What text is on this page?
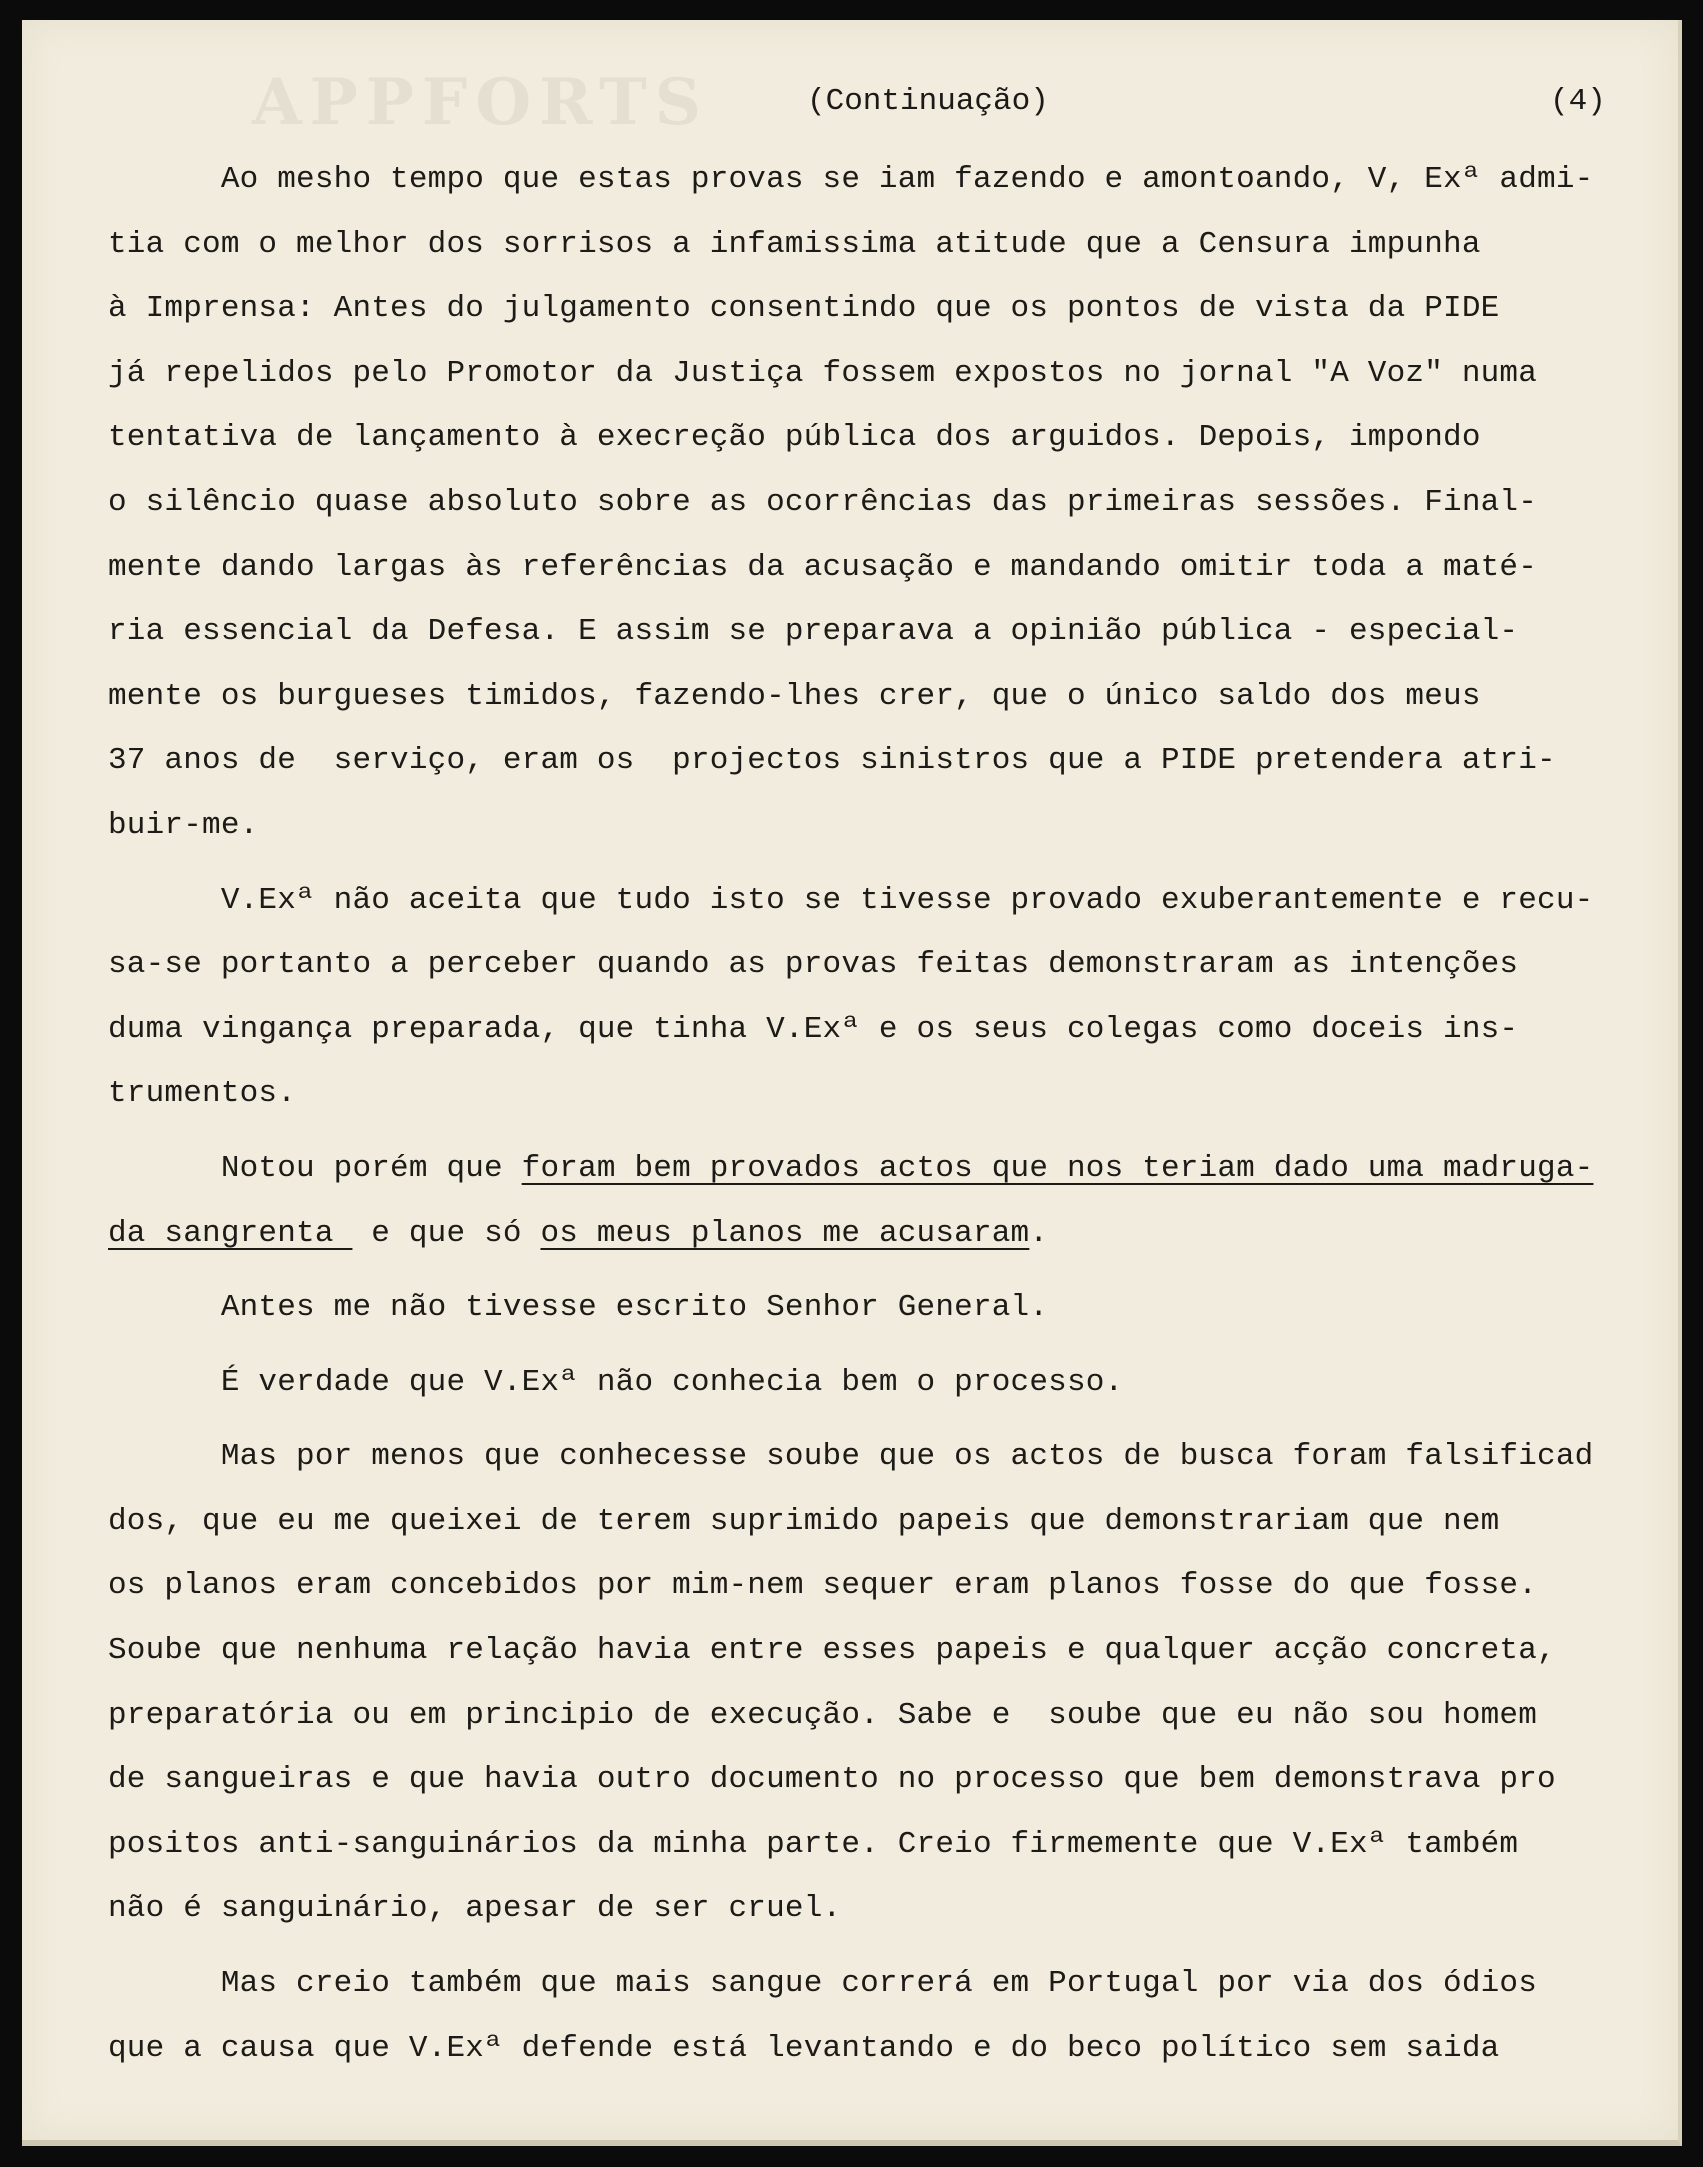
APPFORTS	(Continuação)	(4)
Ao mesho tempo que estas provas se iam fazendo e amontoando, V, Exª admi-
tia com o melhor dos sorrisos a infamissima atitude que a Censura impunha
à Imprensa: Antes do julgamento consentindo que os pontos de vista da PIDE
já repelidos pelo Promotor da Justiça fossem expostos no jornal "A Voz" numa
tentativa de lançamento à execreção pública dos arguidos. Depois, impondo
o silêncio quase absoluto sobre as ocorrências das primeiras sessões. Final-
mente dando largas às referências da acusação e mandando omitir toda a maté-
ria essencial da Defesa. E assim se preparava a opinião pública - especial-
mente os burgueses timidos, fazendo-lhes crer, que o único saldo dos meus
37 anos de  serviço, eram os  projectos sinistros que a PIDE pretendera atri-
buir-me.
V.Exª não aceita que tudo isto se tivesse provado exuberantemente e recu-
sa-se portanto a perceber quando as provas feitas demonstraram as intenções
duma vingança preparada, que tinha V.Exª e os seus colegas como doceis ins-
trumentos.
Notou porém que foram bem provados actos que nos teriam dado uma madruga-
da sangrenta  e que só os meus planos me acusaram.
Antes me não tivesse escrito Senhor General.
É verdade que V.Exª não conhecia bem o processo.
Mas por menos que conhecesse soube que os actos de busca foram falsificad
dos, que eu me queixei de terem suprimido papeis que demonstrariam que nem
os planos eram concebidos por mim-nem sequer eram planos fosse do que fosse.
Soube que nenhuma relação havia entre esses papeis e qualquer acção concreta,
preparatória ou em principio de execução. Sabe e  soube que eu não sou homem
de sangueiras e que havia outro documento no processo que bem demonstrava pro
positos anti-sanguinários da minha parte. Creio firmemente que V.Exª também
não é sanguinário, apesar de ser cruel.
Mas creio também que mais sangue correrá em Portugal por via dos ódios
que a causa que V.Exª defende está levantando e do beco político sem saida
